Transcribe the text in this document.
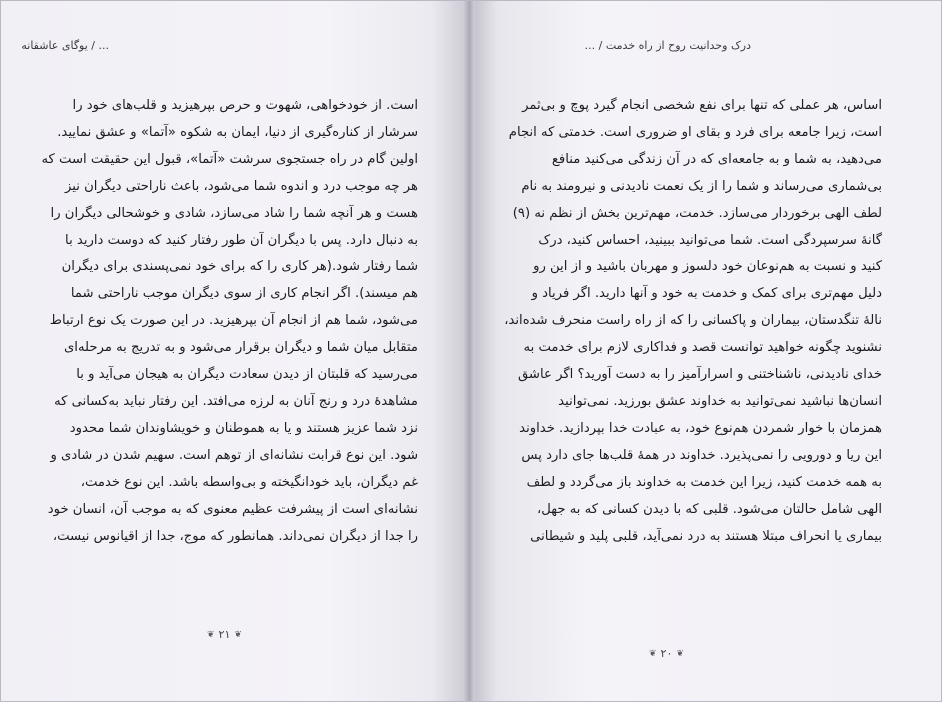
... / یوگای عاشقانه
است. از خودخواهی، شهوت و حرص بپرهیزید و قلب‌های خود را
سرشار از کناره‌گیری از دنیا، ایمان به شکوه «آتما» و عشق نمایید.
اولین گام در راه جستجوی سرشت «آتما»، قبول این حقیقت است که
هر چه موجب درد و اندوه شما می‌شود، باعث ناراحتی دیگران نیز
هست و هر آنچه شما را شاد می‌سازد، شادی و خوشحالی دیگران را
به دنبال دارد. پس با دیگران آن طور رفتار کنید که دوست دارید با
شما رفتار شود.(هر کاری را که برای خود نمی‌پسندی برای دیگران
هم میسند). اگر انجام کاری از سوی دیگران موجب ناراحتی شما
می‌شود، شما هم از انجام آن بپرهیزید. در این صورت یک نوع ارتباط
متقابل میان شما و دیگران برقرار می‌شود و به تدریج به مرحله‌ای
می‌رسید که قلبتان از دیدن سعادت دیگران به هیجان می‌آید و با
مشاهدهٔ درد و رنج آنان به لرزه می‌افتد. این رفتار نباید به‌کسانی که
نزد شما عزیز هستند و یا به هموطنان و خویشاوندان شما محدود
شود. این نوع قرابت نشانه‌ای از توهم است. سهیم شدن در شادی و
غم دیگران، باید خودانگیخته و بی‌واسطه باشد. این نوع خدمت،
نشانه‌ای است از پیشرفت عظیم معنوی که به موجب آن، انسان خود
را جدا از دیگران نمی‌داند. همانطور که موج، جدا از اقیانوس نیست،
❦۲۱❦
درک وحدانیت روح از راه خدمت / ...
اساس، هر عملی که تنها برای نفع شخصی انجام گیرد پوچ و بی‌ثمر
است، زیرا جامعه برای فرد و بقای او ضروری است. خدمتی که انجام
می‌دهید، به شما و به جامعه‌ای که در آن زندگی می‌کنید منافع
بی‌شماری می‌رساند و شما را از یک نعمت نادیدنی و نیرومند به نام
لطف الهی برخوردار می‌سازد. خدمت، مهم‌ترین بخش از نظم نه (۹)
گانهٔ سرسپردگی است. شما می‌توانید ببینید، احساس کنید، درک
کنید و نسبت به هم‌نوعان خود دلسوز و مهربان باشید و از این رو
دلیل مهم‌تری برای کمک و خدمت به خود و آنها دارید. اگر فریاد و
نالهٔ تنگدستان، بیماران و پاکسانی را که از راه راست منحرف شده‌اند،
نشنوید چگونه خواهید توانست قصد و فداکاری لازم برای خدمت به
خدای نادیدنی، ناشناختنی و اسرارآمیز را به دست آورید؟ اگر عاشق
انسان‌ها نباشید نمی‌توانید به خداوند عشق بورزید. نمی‌توانید
همزمان با خوار شمردن هم‌نوع خود، به عبادت خدا بپردازید. خداوند
این ریا و دورویی را نمی‌پذیرد. خداوند در همهٔ قلب‌ها جای دارد پس
به همه خدمت کنید، زیرا این خدمت به خداوند باز می‌گردد و لطف
الهی شامل حالتان می‌شود. قلبی که با دیدن کسانی که به جهل،
بیماری یا انحراف مبتلا هستند به درد نمی‌آید، قلبی پلید و شیطانی
❦۲۰❦
